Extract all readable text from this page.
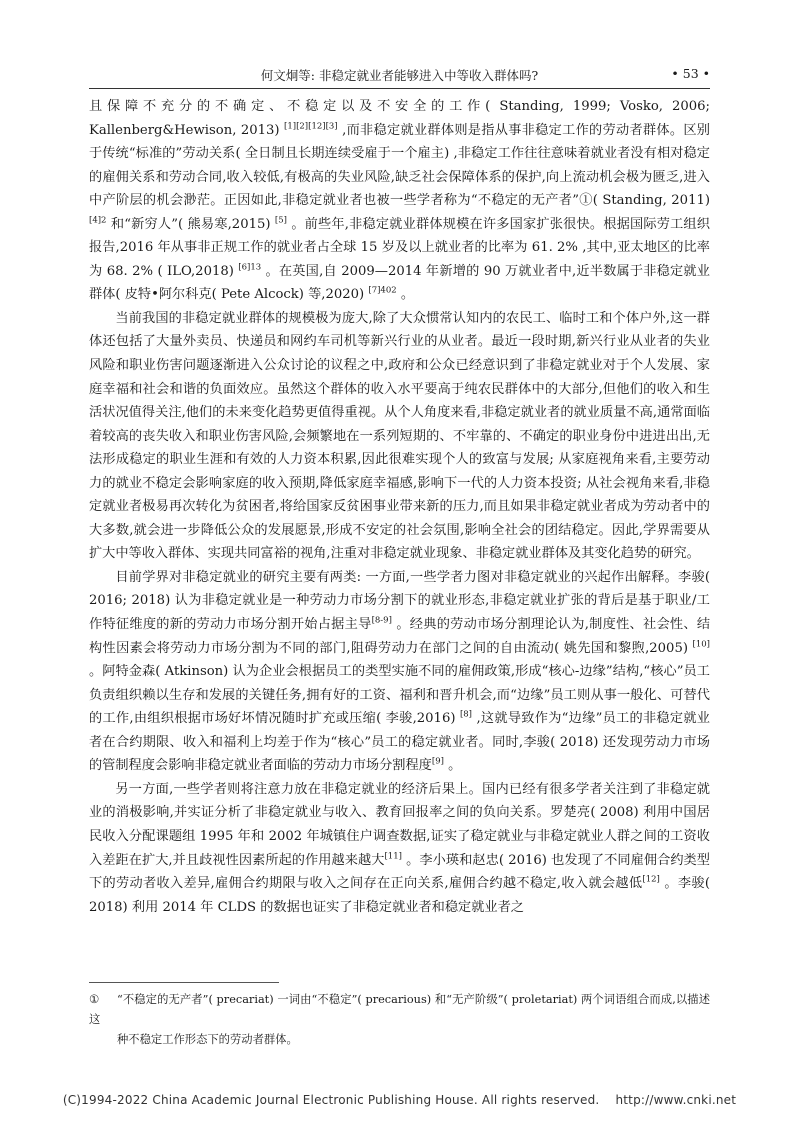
何文炯等: 非稳定就业者能够进入中等收入群体吗?	• 53 •

且保障不充分的不确定、不稳定以及不安全的工作( Standing, 1999; Vosko, 2006; Kallenberg&Hewison, 2013) [1][2][12][3] ,而非稳定就业群体则是指从事非稳定工作的劳动者群体。区别于传统“标准的”劳动关系( 全日制且长期连续受雇于一个雇主) ,非稳定工作往往意味着就业者没有相对稳定的雇佣关系和劳动合同,收入较低,有极高的失业风险,缺乏社会保障体系的保护,向上流动机会极为匮乏,进入中产阶层的机会渺茫。正因如此,非稳定就业者也被一些学者称为“不稳定的无产者”①( Standing, 2011) $^{[4]2}$ 和“新穷人”( 熊易寒,2015) [5] 。前些年,非稳定就业群体规模在许多国家扩张很快。根据国际劳工组织报告,2016 年从事非正规工作的就业者占全球 15 岁及以上就业者的比率为 61. 2% ,其中,亚太地区的比率为 68. 2% ( ILO,2018) $^{[6]13}$ 。在英国,自 2009—2014 年新增的 90 万就业者中,近半数属于非稳定就业群体( 皮特•阿尔科克( Pete Alcock) 等,2020) $^{[7]402}$ 。

当前我国的非稳定就业群体的规模极为庞大,除了大众惯常认知内的农民工、临时工和个体户外,这一群体还包括了大量外卖员、快递员和网约车司机等新兴行业的从业者。最近一段时期,新兴行业从业者的失业风险和职业伤害问题逐渐进入公众讨论的议程之中,政府和公众已经意识到了非稳定就业对于个人发展、家庭幸福和社会和谐的负面效应。虽然这个群体的收入水平要高于纯农民群体中的大部分,但他们的收入和生活状况值得关注,他们的未来变化趋势更值得重视。从个人角度来看,非稳定就业者的就业质量不高,通常面临着较高的丧失收入和职业伤害风险,会频繁地在一系列短期的、不牢靠的、不确定的职业身份中进进出出,无法形成稳定的职业生涯和有效的人力资本积累,因此很难实现个人的致富与发展; 从家庭视角来看,主要劳动力的就业不稳定会影响家庭的收入预期,降低家庭幸福感,影响下一代的人力资本投资; 从社会视角来看,非稳定就业者极易再次转化为贫困者,将给国家反贫困事业带来新的压力,而且如果非稳定就业者成为劳动者中的大多数,就会进一步降低公众的发展愿景,形成不安定的社会氛围,影响全社会的团结稳定。因此,学界需要从扩大中等收入群体、实现共同富裕的视角,注重对非稳定就业现象、非稳定就业群体及其变化趋势的研究。

目前学界对非稳定就业的研究主要有两类: 一方面,一些学者力图对非稳定就业的兴起作出解释。李骏( 2016; 2018) 认为非稳定就业是一种劳动力市场分割下的就业形态,非稳定就业扩张的背后是基于职业/工作特征维度的新的劳动力市场分割开始占据主导[8-9] 。经典的劳动市场分割理论认为,制度性、社会性、结构性因素会将劳动力市场分割为不同的部门,阻碍劳动力在部门之间的自由流动( 姚先国和黎煦,2005) [10] 。阿特金森( Atkinson) 认为企业会根据员工的类型实施不同的雇佣政策,形成“核心-边缘”结构,“核心”员工负责组织赖以生存和发展的关键任务,拥有好的工资、福利和晋升机会,而“边缘”员工则从事一般化、可替代的工作,由组织根据市场好坏情况随时扩充或压缩( 李骏,2016) [8] ,这就导致作为“边缘”员工的非稳定就业者在合约期限、收入和福利上均差于作为“核心”员工的稳定就业者。同时,李骏( 2018) 还发现劳动力市场的管制程度会影响非稳定就业者面临的劳动力市场分割程度[9] 。

另一方面,一些学者则将注意力放在非稳定就业的经济后果上。国内已经有很多学者关注到了非稳定就业的消极影响,并实证分析了非稳定就业与收入、教育回报率之间的负向关系。罗楚亮( 2008) 利用中国居民收入分配课题组 1995 年和 2002 年城镇住户调查数据,证实了稳定就业与非稳定就业人群之间的工资收入差距在扩大,并且歧视性因素所起的作用越来越大[11] 。李小瑛和赵忠( 2016) 也发现了不同雇佣合约类型下的劳动者收入差异,雇佣合约期限与收入之间存在正向关系,雇佣合约越不稳定,收入就会越低[12] 。李骏( 2018) 利用 2014 年 CLDS 的数据也证实了非稳定就业者和稳定就业者之

① “不稳定的无产者”( precariat) 一词由“不稳定”( precarious) 和“无产阶级”( proletariat) 两个词语组合而成,以描述这
种不稳定工作形态下的劳动者群体。
(C)1994-2022 China Academic Journal Electronic Publishing House. All rights reserved.    http://www.cnki.net
